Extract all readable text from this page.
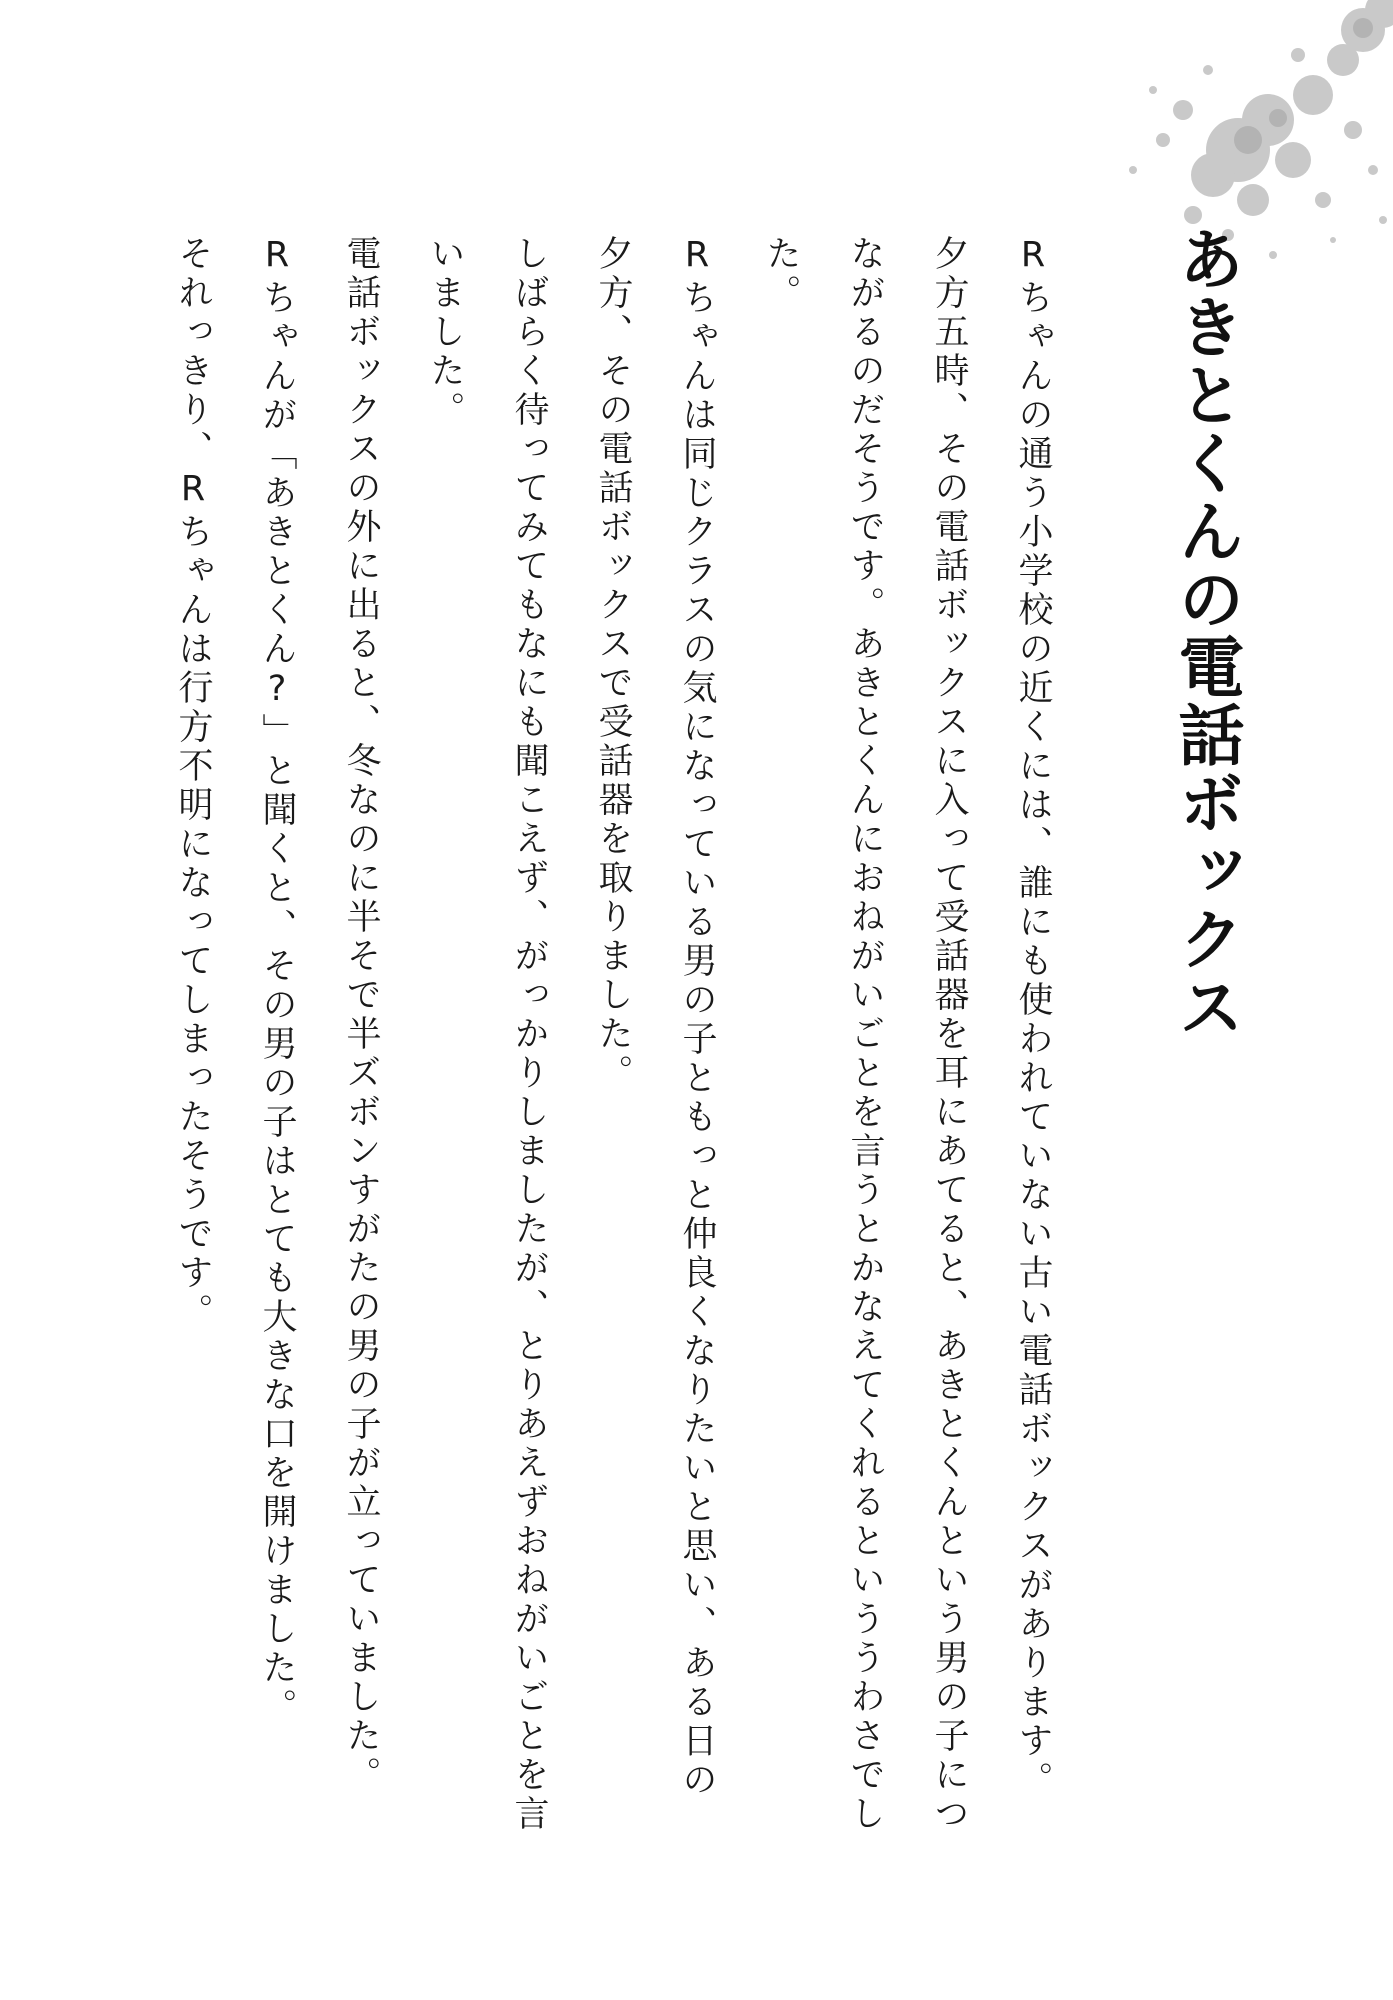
あきとくんの電話ボックス

Rちゃんの通う小学校の近くには、誰にも使われていない古い電話ボックスがあります。

夕方五時、その電話ボックスに入って受話器を耳にあてると、あきとくんという男の子につながるのだそうです。あきとくんにおねがいごとを言うとかなえてくれるといううわさでした。

Rちゃんは同じクラスの気になっている男の子ともっと仲良くなりたいと思い、ある日の夕方、その電話ボックスで受話器を取りました。

しばらく待ってみてもなにも聞こえず、がっかりしましたが、とりあえずおねがいごとを言いました。

電話ボックスの外に出ると、冬なのに半そで半ズボンすがたの男の子が立っていました。

Rちゃんが「あきとくん?」と聞くと、その男の子はとても大きな口を開けました。

それっきり、Rちゃんは行方不明になってしまったそうです。
